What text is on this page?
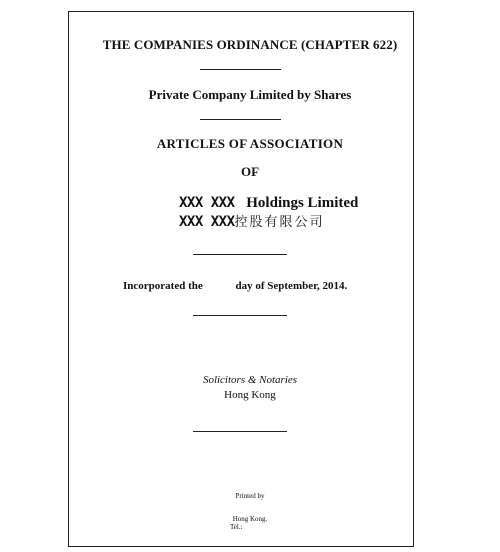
THE COMPANIES ORDINANCE (CHAPTER 622)
Private Company Limited by Shares
ARTICLES OF ASSOCIATION
OF
XXX XXX Holdings Limited
XXX XXX控股有限公司
Incorporated the	day of September, 2014.
Solicitors & Notaries
Hong Kong
Printed by
Hong Kong.
Tel.:
